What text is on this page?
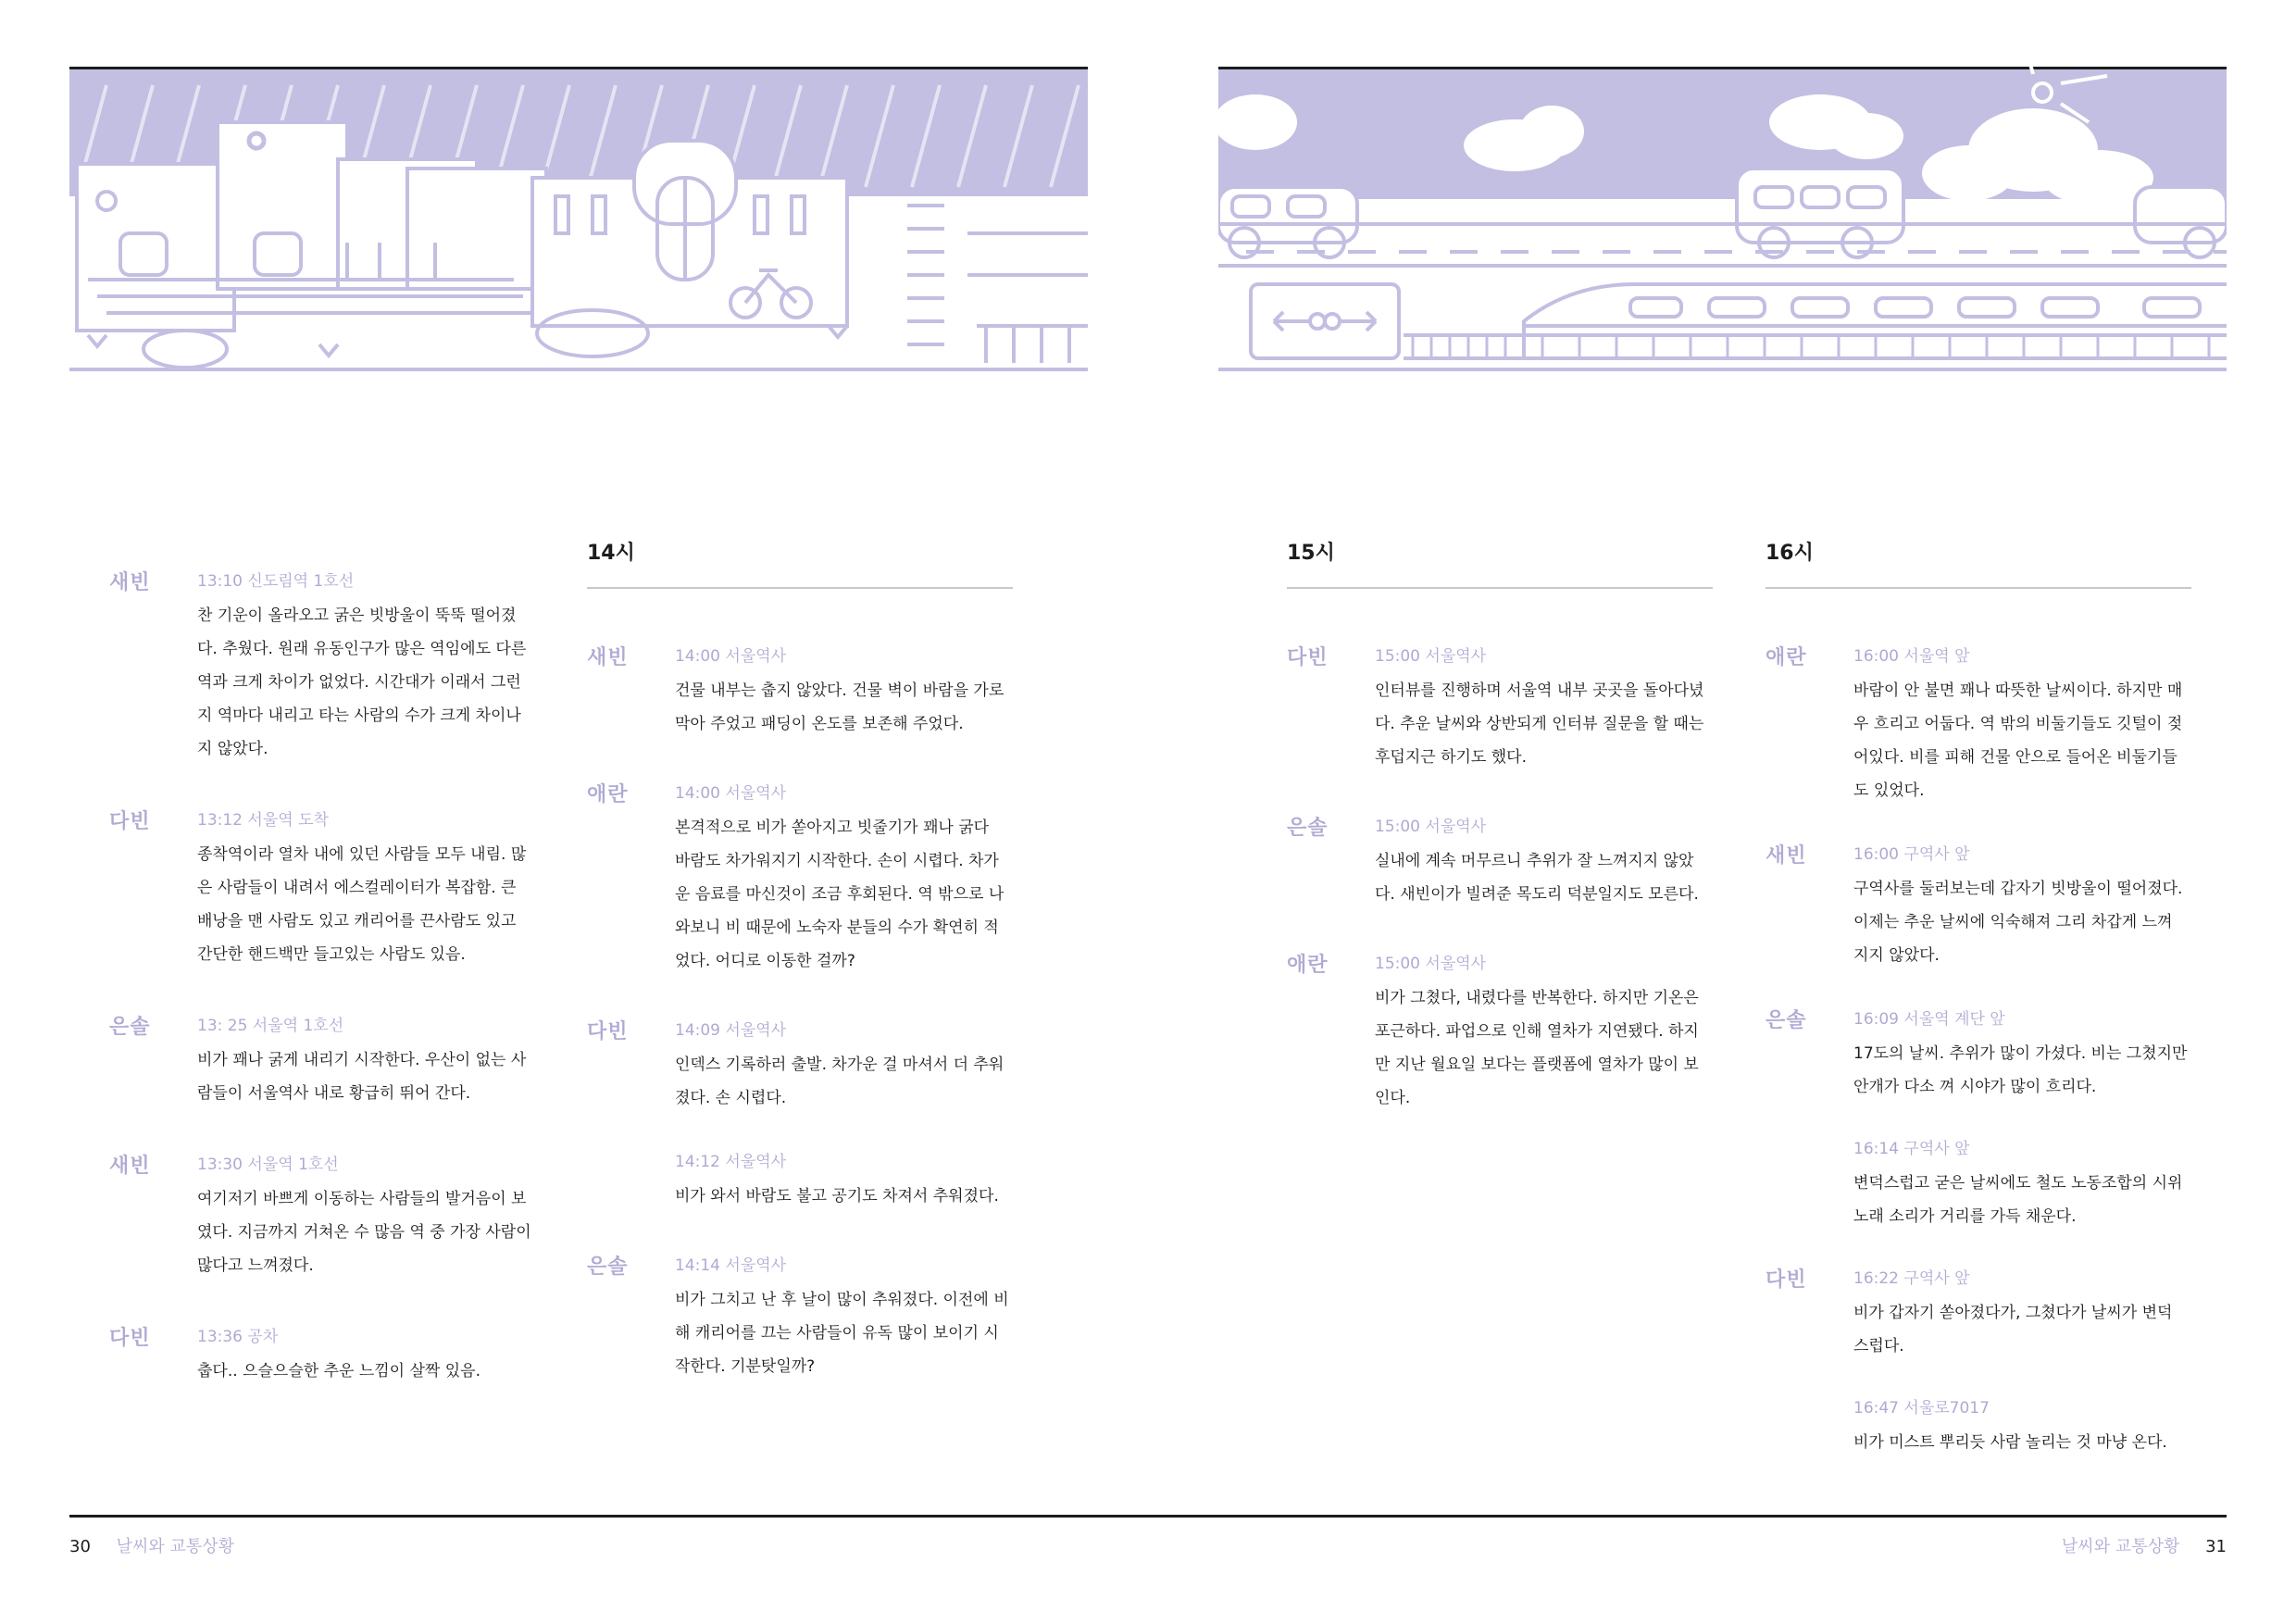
새빈	13:10 신도림역 1호선
찬 기운이 올라오고 굵은 빗방울이 뚝뚝 떨어졌
다. 추웠다. 원래 유동인구가 많은 역임에도 다른
역과 크게 차이가 없었다. 시간대가 이래서 그런
지 역마다 내리고 타는 사람의 수가 크게 차이나
지 않았다.
다빈	13:12 서울역 도착
종착역이라 열차 내에 있던 사람들 모두 내림. 많
은 사람들이 내려서 에스컬레이터가 복잡함. 큰
배낭을 맨 사람도 있고 캐리어를 끈사람도 있고
간단한 핸드백만 들고있는 사람도 있음.
은솔	13: 25 서울역 1호선
비가 꽤나 굵게 내리기 시작한다. 우산이 없는 사
람들이 서울역사 내로 황급히 뛰어 간다.
새빈	13:30 서울역 1호선
여기저기 바쁘게 이동하는 사람들의 발거음이 보
였다. 지금까지 거쳐온 수 많음 역 중 가장 사람이
많다고 느껴졌다.
다빈	13:36 공차
춥다.. 으슬으슬한 추운 느낌이 살짝 있음.
14시
새빈	14:00 서울역사
건물 내부는 춥지 않았다. 건물 벽이 바람을 가로
막아 주었고 패딩이 온도를 보존해 주었다.
애란	14:00 서울역사
본격적으로 비가 쏟아지고 빗줄기가 꽤나 굵다
바람도 차가워지기 시작한다. 손이 시렵다. 차가
운 음료를 마신것이 조금 후회된다. 역 밖으로 나
와보니 비 때문에 노숙자 분들의 수가 확연히 적
었다. 어디로 이동한 걸까?
다빈	14:09 서울역사
인덱스 기록하러 출발. 차가운 걸 마셔서 더 추워
졌다. 손 시렵다.
14:12 서울역사
비가 와서 바람도 불고 공기도 차져서 추워졌다.
은솔	14:14 서울역사
비가 그치고 난 후 날이 많이 추워졌다. 이전에 비
해 캐리어를 끄는 사람들이 유독 많이 보이기 시
작한다. 기분탓일까?
15시
다빈	15:00 서울역사
인터뷰를 진행하며 서울역 내부 곳곳을 돌아다녔
다. 추운 날씨와 상반되게 인터뷰 질문을 할 때는
후덥지근 하기도 했다.
은솔	15:00 서울역사
실내에 계속 머무르니 추위가 잘 느껴지지 않았
다. 새빈이가 빌려준 목도리 덕분일지도 모른다.
애란	15:00 서울역사
비가 그쳤다, 내렸다를 반복한다. 하지만 기온은
포근하다. 파업으로 인해 열차가 지연됐다. 하지
만 지난 월요일 보다는 플랫폼에 열차가 많이 보
인다.
16시
애란	16:00 서울역 앞
바람이 안 불면 꽤나 따뜻한 날씨이다. 하지만 매
우 흐리고 어둡다. 역 밖의 비둘기들도 깃털이 젖
어있다. 비를 피해 건물 안으로 들어온 비둘기들
도 있었다.
새빈	16:00 구역사 앞
구역사를 둘러보는데 갑자기 빗방울이 떨어졌다.
이제는 추운 날씨에 익숙해져 그리 차갑게 느껴
지지 않았다.
은솔	16:09 서울역 계단 앞
17도의 날씨. 추위가 많이 가셨다. 비는 그쳤지만
안개가 다소 껴 시야가 많이 흐리다.
16:14 구역사 앞
변덕스럽고 굳은 날씨에도 철도 노동조합의 시위
노래 소리가 거리를 가득 채운다.
다빈	16:22 구역사 앞
비가 갑자기 쏟아졌다가, 그쳤다가 날씨가 변덕
스럽다.
16:47 서울로7017
비가 미스트 뿌리듯 사람 놀리는 것 마냥 온다.
30 날씨와 교통상황	날씨와 교통상황 31
